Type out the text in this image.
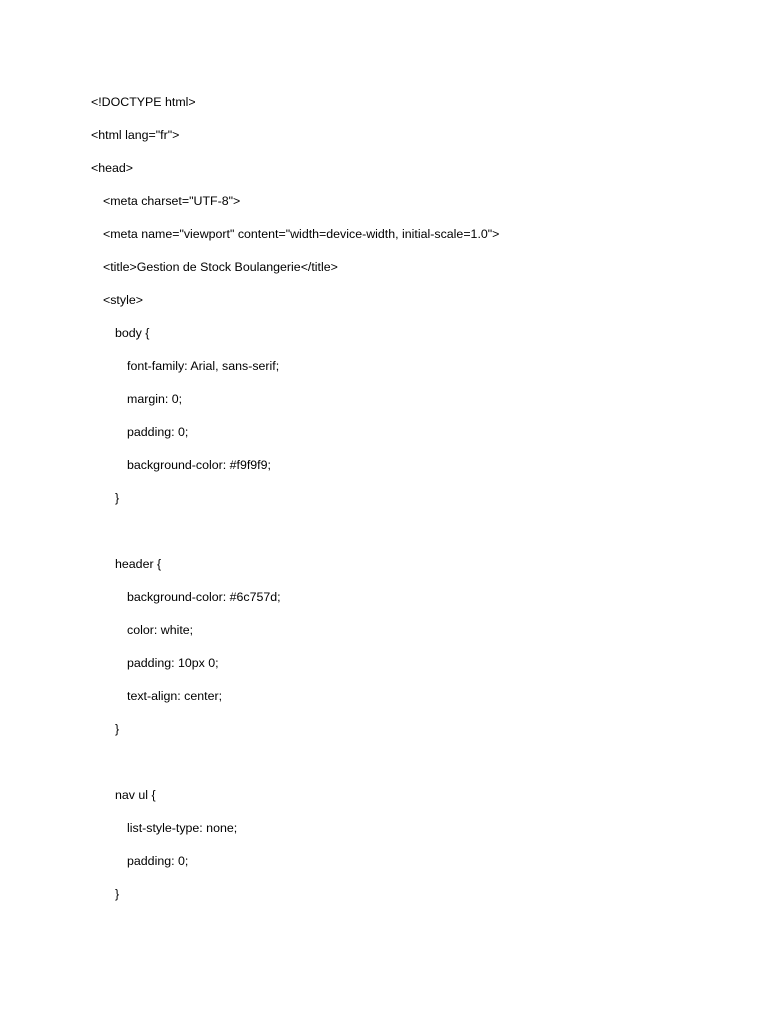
<!DOCTYPE html>
<html lang="fr">
<head>
<meta charset="UTF-8">
<meta name="viewport" content="width=device-width, initial-scale=1.0">
<title>Gestion de Stock Boulangerie</title>
<style>
body {
font-family: Arial, sans-serif;
margin: 0;
padding: 0;
background-color: #f9f9f9;
}
header {
background-color: #6c757d;
color: white;
padding: 10px 0;
text-align: center;
}
nav ul {
list-style-type: none;
padding: 0;
}
